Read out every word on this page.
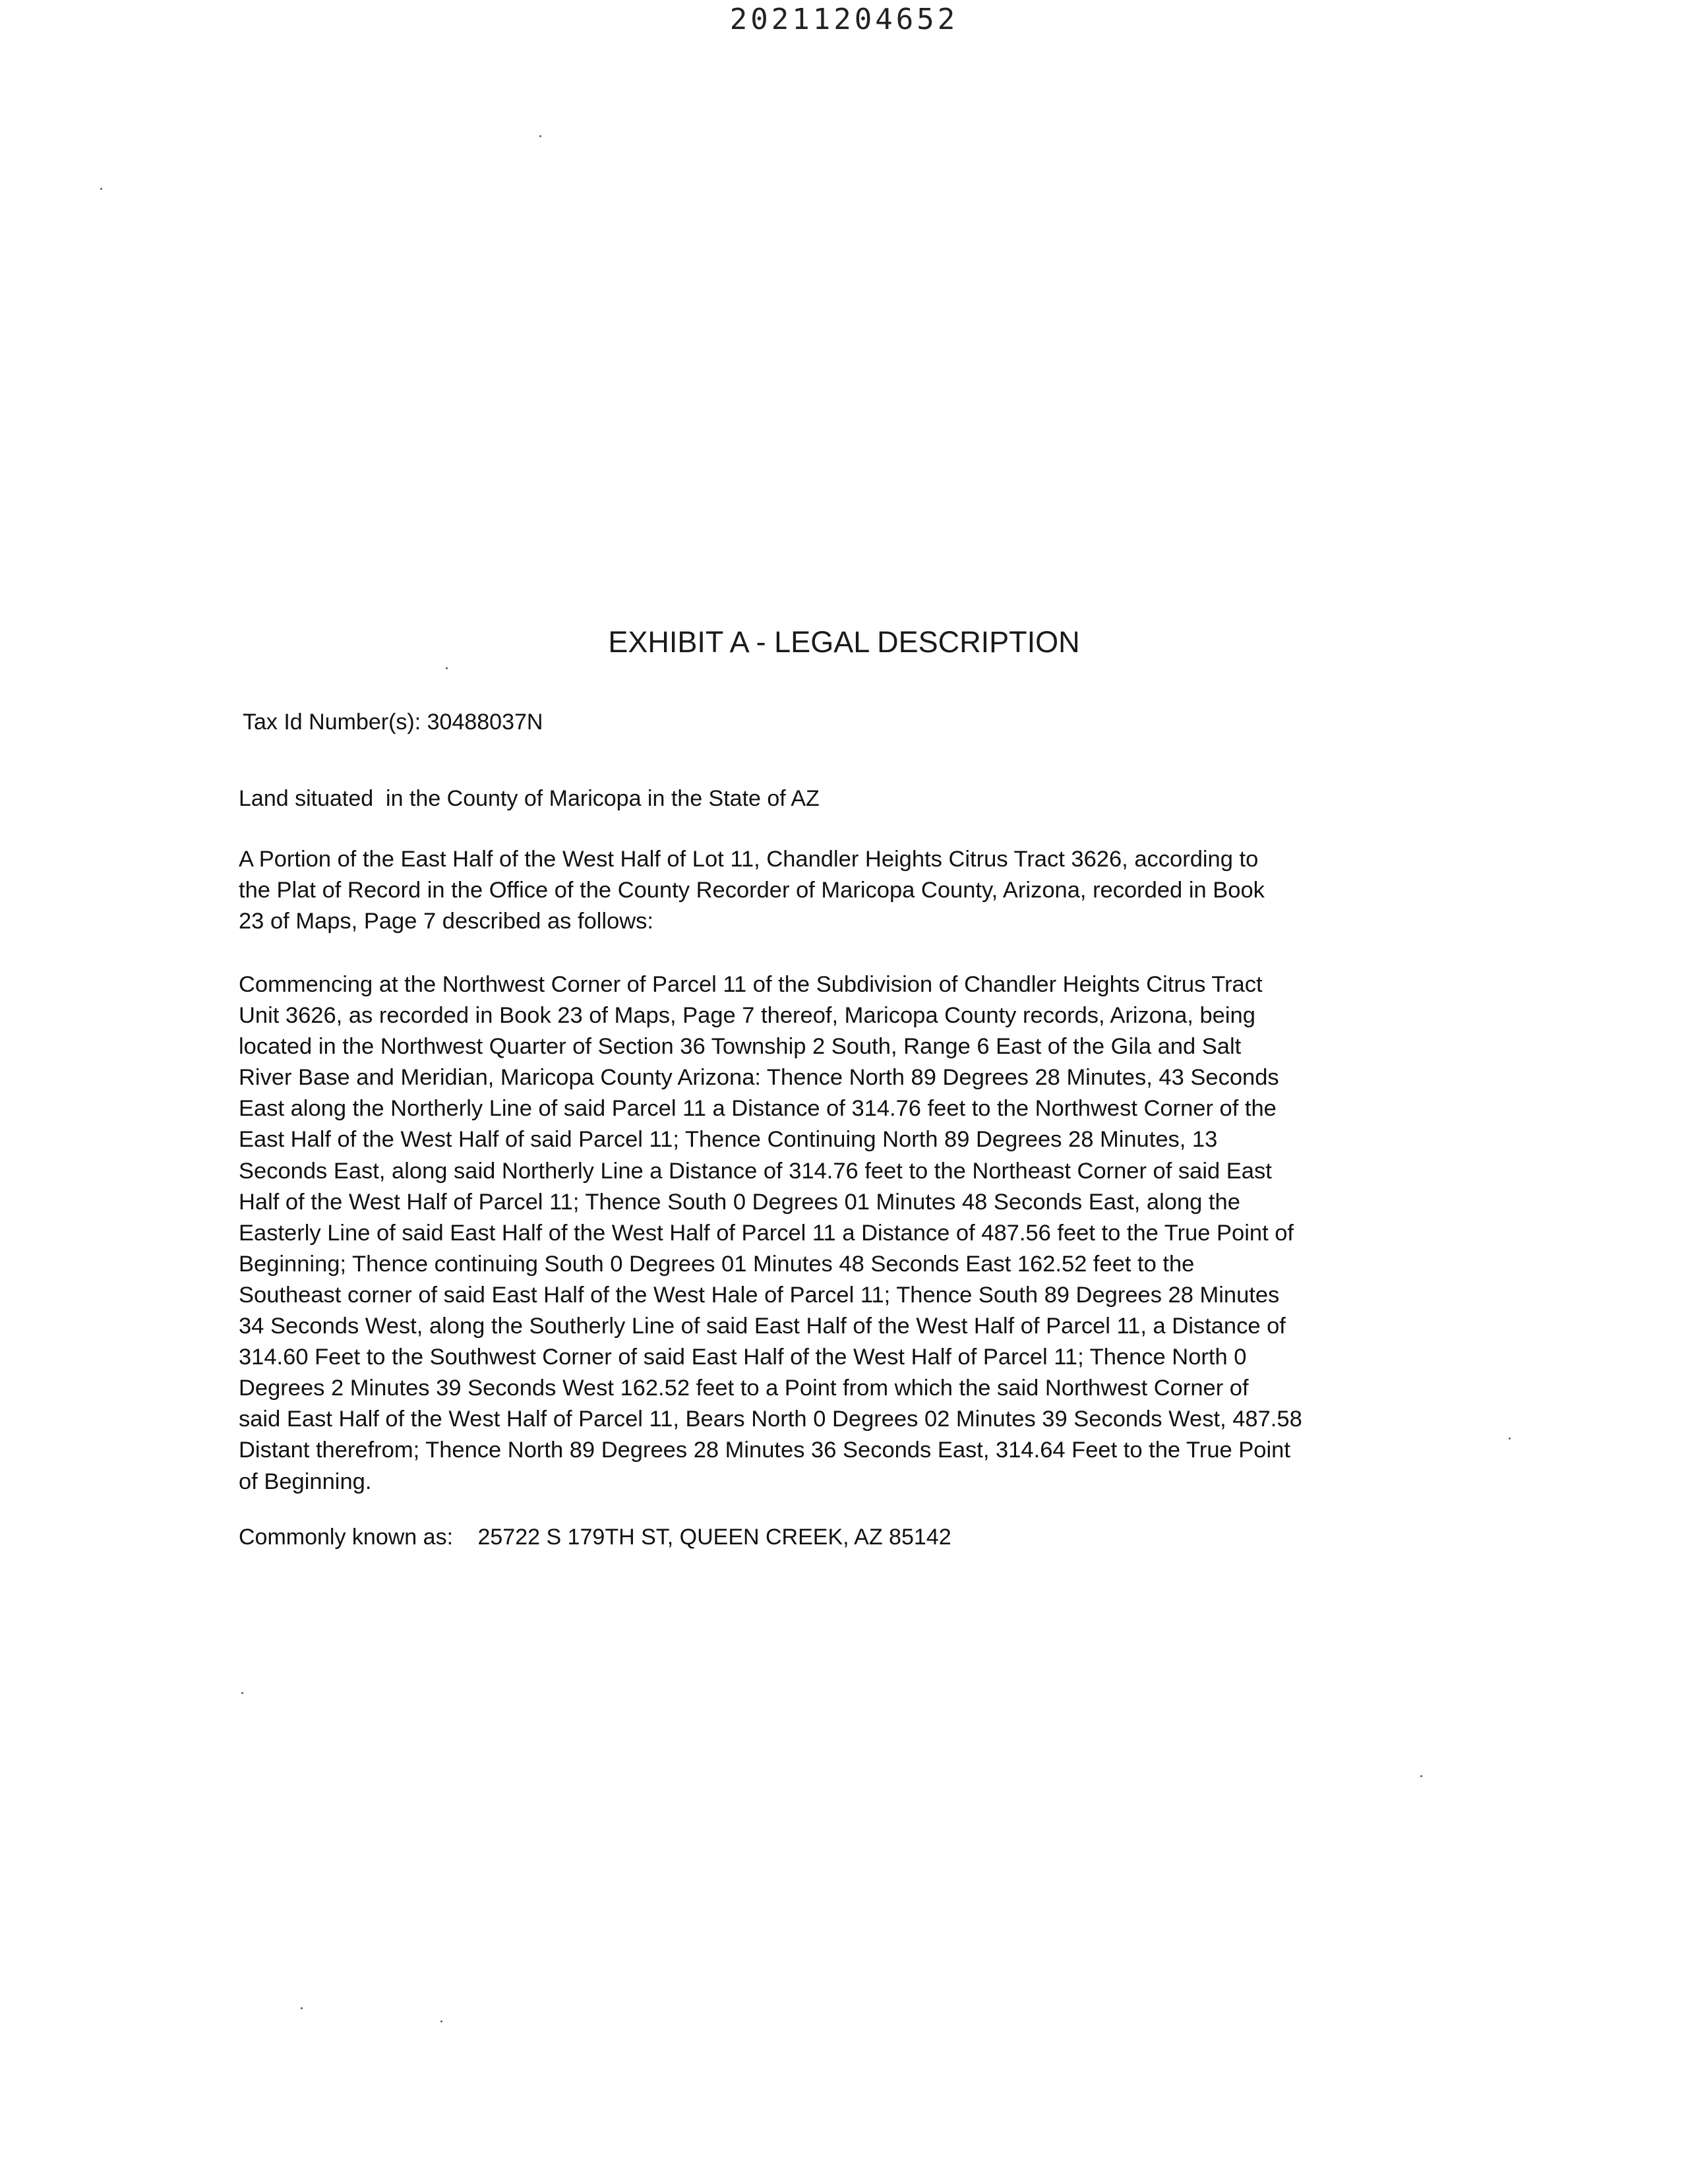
20211204652
EXHIBIT A - LEGAL DESCRIPTION
Tax Id Number(s): 30488037N
Land situated  in the County of Maricopa in the State of AZ
A Portion of the East Half of the West Half of Lot 11, Chandler Heights Citrus Tract 3626, according to
the Plat of Record in the Office of the County Recorder of Maricopa County, Arizona, recorded in Book
23 of Maps, Page 7 described as follows:
Commencing at the Northwest Corner of Parcel 11 of the Subdivision of Chandler Heights Citrus Tract
Unit 3626, as recorded in Book 23 of Maps, Page 7 thereof, Maricopa County records, Arizona, being
located in the Northwest Quarter of Section 36 Township 2 South, Range 6 East of the Gila and Salt
River Base and Meridian, Maricopa County Arizona: Thence North 89 Degrees 28 Minutes, 43 Seconds
East along the Northerly Line of said Parcel 11 a Distance of 314.76 feet to the Northwest Corner of the
East Half of the West Half of said Parcel 11; Thence Continuing North 89 Degrees 28 Minutes, 13
Seconds East, along said Northerly Line a Distance of 314.76 feet to the Northeast Corner of said East
Half of the West Half of Parcel 11; Thence South 0 Degrees 01 Minutes 48 Seconds East, along the
Easterly Line of said East Half of the West Half of Parcel 11 a Distance of 487.56 feet to the True Point of
Beginning; Thence continuing South 0 Degrees 01 Minutes 48 Seconds East 162.52 feet to the
Southeast corner of said East Half of the West Hale of Parcel 11; Thence South 89 Degrees 28 Minutes
34 Seconds West, along the Southerly Line of said East Half of the West Half of Parcel 11, a Distance of
314.60 Feet to the Southwest Corner of said East Half of the West Half of Parcel 11; Thence North 0
Degrees 2 Minutes 39 Seconds West 162.52 feet to a Point from which the said Northwest Corner of
said East Half of the West Half of Parcel 11, Bears North 0 Degrees 02 Minutes 39 Seconds West, 487.58
Distant therefrom; Thence North 89 Degrees 28 Minutes 36 Seconds East, 314.64 Feet to the True Point
of Beginning.
Commonly known as: 25722 S 179TH ST, QUEEN CREEK, AZ 85142
